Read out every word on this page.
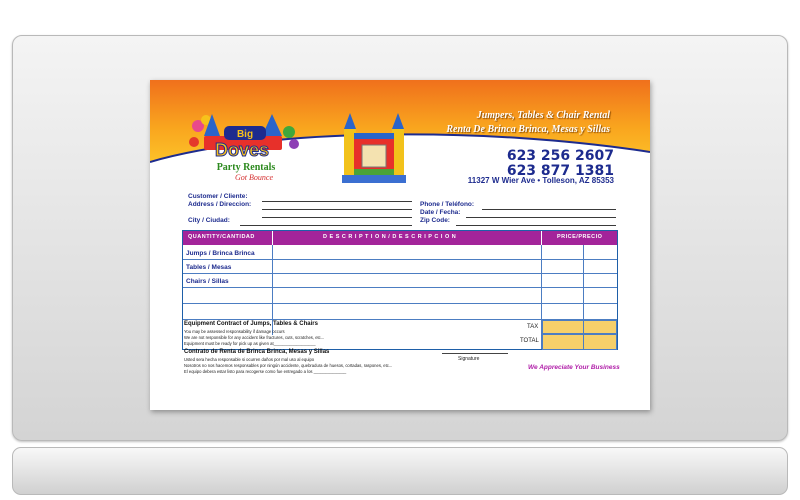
Big
Doves
Party Rentals
Got Bounce
Jumpers, Tables & Chair Rental
Renta De Brinca Brinca, Mesas y Sillas
623 256 2607
623 877 1381
11327 W Wier Ave • Tolleson, AZ 85353
Customer / Cliente:
Address / Direccion:
City / Ciudad:
Phone / Teléfono:
Date / Fecha:
Zip Code:
QUANTITY/CANTIDAD	D E S C R I P T I O N / D E S C R I P C I O N	PRICE/PRECIO
Jumps / Brinca Brinca
Tables / Mesas
Chairs / Sillas
TAX
TOTAL
Equipment Contract of Jumps, Tables & Chairs
You may be assessed responsability if damage occurs
We are not responsible for any accident like fractures, cuts, scratches, etc...
Equipment must be ready for pick up as given at__________________
Contrato de Renta de Brinca Brinca, Mesas y Sillas
Usted sera hecha responsable si ocurren daños por mal uso al equipo
Nosotros no nos hacemos responsables por ningún accidente, quebradura de huesos, cortadas, raspones, etc...
El equipo debera estar listo para recogerse como fue entregado a los ______________
Signature
We Appreciate Your Business
